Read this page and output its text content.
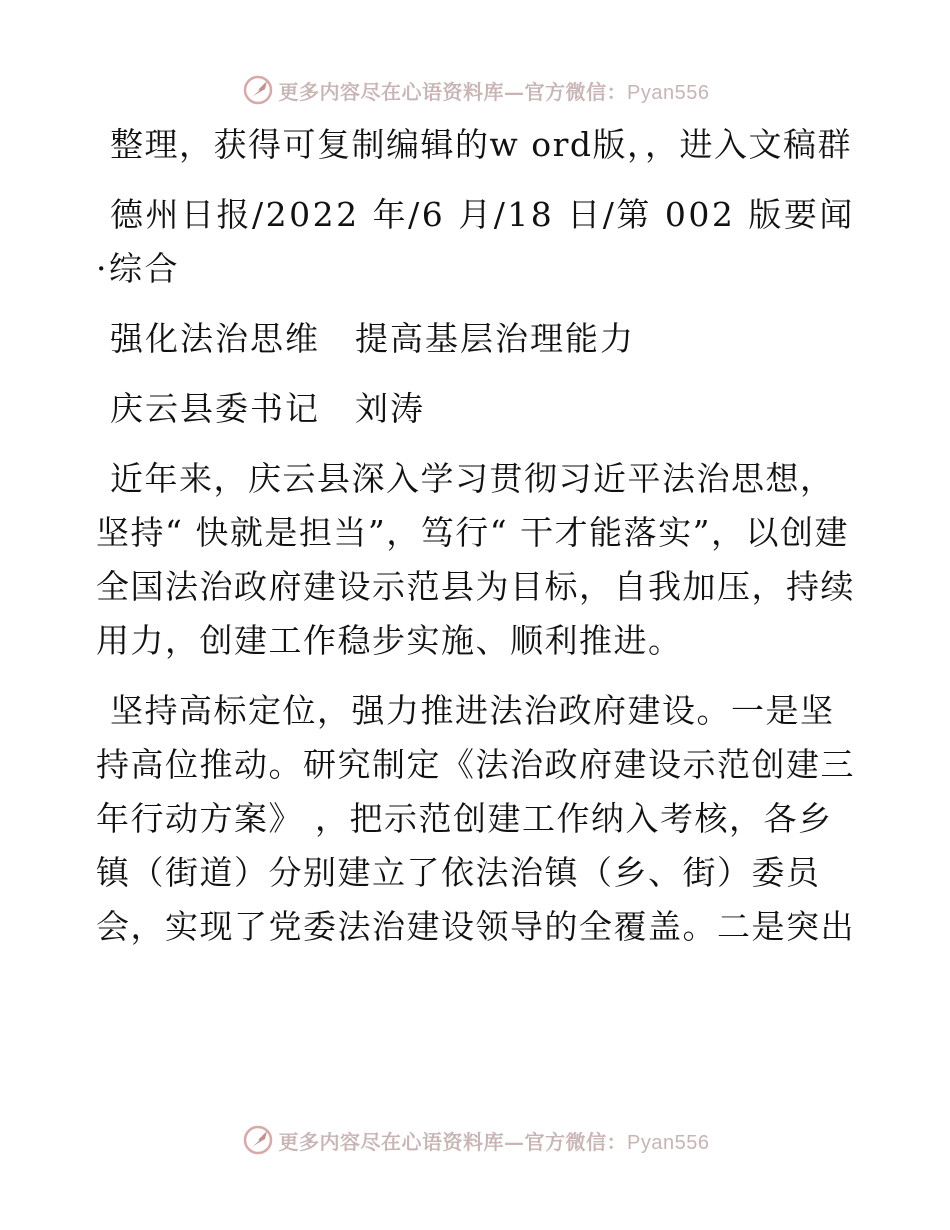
更多内容尽在心语资料库—官方微信：Pyan556

整理，获得可复制编辑的w ord版，，进入文稿群

德州日报/2022 年/6 月/18 日/第 002 版要闻·综合

强化法治思维　提高基层治理能力

庆云县委书记　刘涛

近年来，庆云县深入学习贯彻习近平法治思想，坚持“ 快就是担当”，笃行“ 干才能落实”，以创建全国法治政府建设示范县为目标，自我加压，持续用力，创建工作稳步实施、顺利推进。

坚持高标定位，强力推进法治政府建设。一是坚持高位推动。研究制定《法治政府建设示范创建三年行动方案》 ，把示范创建工作纳入考核，各乡镇（街道）分别建立了依法治镇（乡、街）委员会，实现了党委法治建设领导的全覆盖。二是突出

更多内容尽在心语资料库—官方微信：Pyan556
